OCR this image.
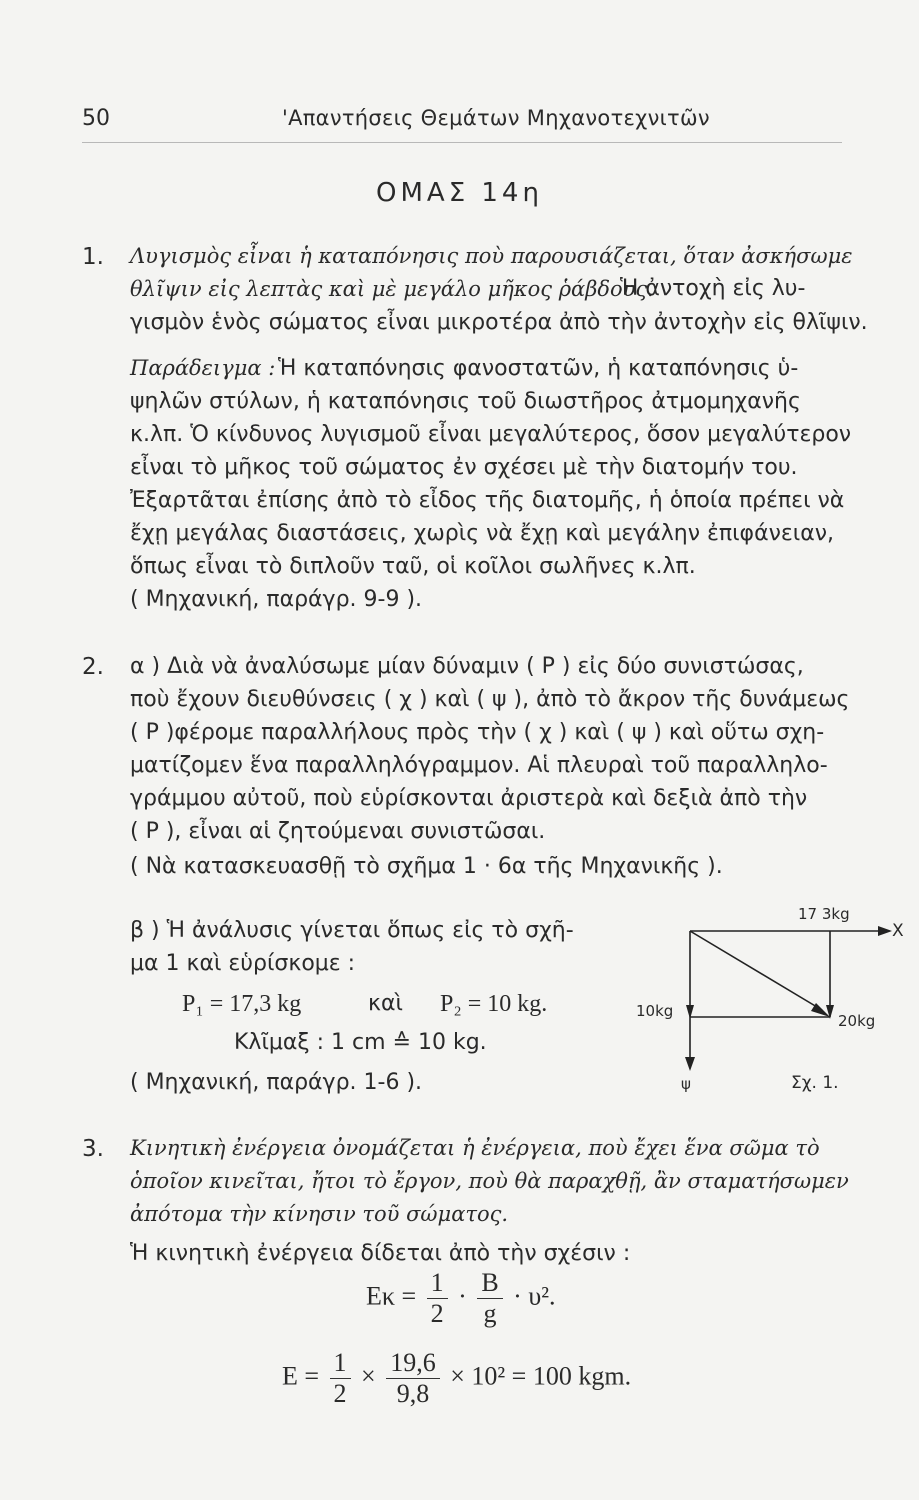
50	'Απαντήσεις Θεμάτων Μηχανοτεχνιτῶν
ΟΜΑΣ 14η
1. Λυγισμὸς εἶναι ἡ καταπόνησις ποὺ παρουσιάζεται, ὅταν ἀσκήσωμε
θλῖψιν εἰς λεπτὰς καὶ μὲ μεγάλο μῆκος ῥάβδους.
Ἡ ἀντοχὴ εἰς λυ-
γισμὸν ἑνὸς σώματος εἶναι μικροτέρα ἀπὸ τὴν ἀντοχὴν εἰς θλῖψιν.
Παράδειγμα : Ἡ καταπόνησις φανοστατῶν, ἡ καταπόνησις ὑ-
ψηλῶν στύλων, ἡ καταπόνησις τοῦ διωστῆρος ἀτμομηχανῆς
κ.λπ. Ὁ κίνδυνος λυγισμοῦ εἶναι μεγαλύτερος, ὅσον μεγαλύτερον
εἶναι τὸ μῆκος τοῦ σώματος ἐν σχέσει μὲ τὴν διατομήν του.
Ἐξαρτᾶται ἐπίσης ἀπὸ τὸ εἶδος τῆς διατομῆς, ἡ ὁποία πρέπει νὰ
ἔχῃ μεγάλας διαστάσεις, χωρὶς νὰ ἔχῃ καὶ μεγάλην ἐπιφάνειαν,
ὅπως εἶναι τὸ διπλοῦν ταῦ, οἱ κοῖλοι σωλῆνες κ.λπ.
( Μηχανική, παράγρ. 9-9 ).
2. α ) Διὰ νὰ ἀναλύσωμε μίαν δύναμιν ( Ρ ) εἰς δύο συνιστώσας,
ποὺ ἔχουν διευθύνσεις ( χ ) καὶ ( ψ ), ἀπὸ τὸ ἄκρον τῆς δυνάμεως
( Ρ )φέρομε παραλλήλους πρὸς τὴν ( χ ) καὶ ( ψ ) καὶ οὕτω σχη-
ματίζομεν ἕνα παραλληλόγραμμον. Αἱ πλευραὶ τοῦ παραλληλο-
γράμμου αὐτοῦ, ποὺ εὑρίσκονται ἀριστερὰ καὶ δεξιὰ ἀπὸ τὴν
( Ρ ), εἶναι αἱ ζητούμεναι συνιστῶσαι.
( Νὰ κατασκευασθῇ τὸ σχῆμα 1 · 6α τῆς Μηχανικῆς ).
β ) Ἡ ἀνάλυσις γίνεται ὅπως εἰς τὸ σχῆ-
μα 1 καὶ εὑρίσκομε :
P₁ = 17,3 kg	καὶ P₂ = 10 kg.
Κλῖμαξ : 1 cm ≙ 10 kg.
( Μηχανική, παράγρ. 1-6 ).
17 3kg
X
10kg
20kg
ψ	Σχ. 1.
3. Κινητικὴ ἐνέργεια ὀνομάζεται ἡ ἐνέργεια, ποὺ ἔχει ἕνα σῶμα τὸ
ὁποῖον κινεῖται, ἤτοι τὸ ἔργον, ποὺ θὰ παραχθῇ, ἂν σταματήσωμεν
ἀπότομα τὴν κίνησιν τοῦ σώματος.
Ἡ κινητικὴ ἐνέργεια δίδεται ἀπὸ τὴν σχέσιν :
$E\kappa = \frac{1}{2} \cdot \frac{B}{g} \cdot \upsilon^2$.
$E = \frac{1}{2} \times \frac{19,6}{9,8} \times 10^2 = 100$ kgm.
